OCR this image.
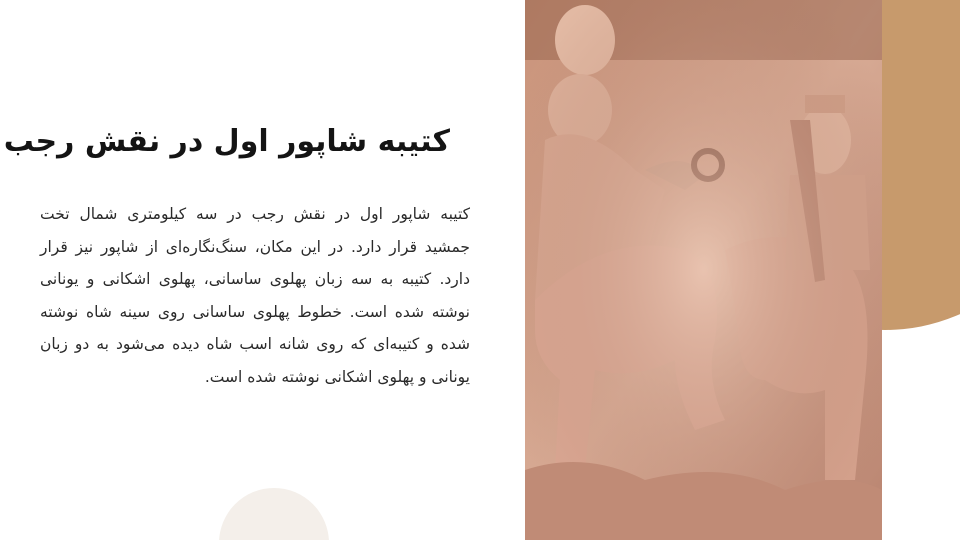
کتیبه شاپور اول در نقش رجب
کتیبه شاپور اول در نقش رجب در سه کیلومتری شمال تخت جمشید قرار دارد. در این مکان، سنگ‌نگاره‌ای از شاپور نیز قرار دارد. کتیبه به سه زبان پهلوی ساسانی، پهلوی اشکانی و یونانی نوشته شده است. خطوط پهلوی ساسانی روی سینه شاه نوشته شده و کتیبه‌ای که روی شانه اسب شاه دیده می‌شود به دو زبان یونانی و پهلوی اشکانی نوشته شده است.
